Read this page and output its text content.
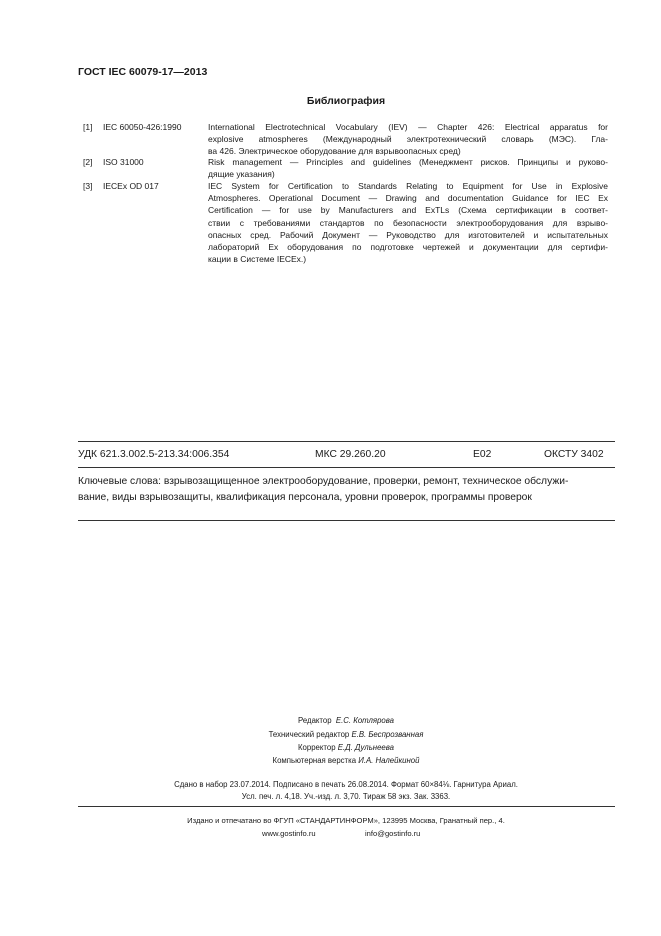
ГОСТ IEC 60079-17—2013
Библиография
[1]	IEC 60050-426:1990	International Electrotechnical Vocabulary (IEV) — Chapter 426: Electrical apparatus for
explosive atmospheres (Международный электротехнический словарь (МЭС). Гла-
ва 426. Электрическое оборудование для взрывоопасных сред)
[2]	ISO 31000	Risk management — Principles and guidelines (Менеджмент рисков. Принципы и руково-
дящие указания)
[3]	IECEx OD 017	IEC System for Certification to Standards Relating to Equipment for Use in Explosive
Atmospheres. Operational Document — Drawing and documentation Guidance for IEC Ex
Certification — for use by Manufacturers and ExTLs (Схема сертификации в соответ-
ствии с требованиями стандартов по безопасности электрооборудования для взрыво-
опасных сред. Рабочий Документ — Руководство для изготовителей и испытательных
лабораторий Ex оборудования по подготовке чертежей и документации для сертифи-
кации в Системе IECEx.)
УДК 621.3.002.5-213.34:006.354	МКС 29.260.20	E02	ОКСТУ 3402
Ключевые слова: взрывозащищенное электрооборудование, проверки, ремонт, техническое обслужи-
вание, виды взрывозащиты, квалификация персонала, уровни проверок, программы проверок
Редактор Е.С. Котлярова
Технический редактор Е.В. Беспрозванная
Корректор Е.Д. Дульнеева
Компьютерная верстка И.А. Налейкиной
Сдано в набор 23.07.2014. Подписано в печать 26.08.2014. Формат 60×84⅛. Гарнитура Ариал.
Усл. печ. л. 4,18. Уч.-изд. л. 3,70. Тираж 58 экз. Зак. 3363.
Издано и отпечатано во ФГУП «СТАНДАРТИНФОРМ», 123995 Москва, Гранатный пер., 4.
www.gostinfo.ru	info@gostinfo.ru
